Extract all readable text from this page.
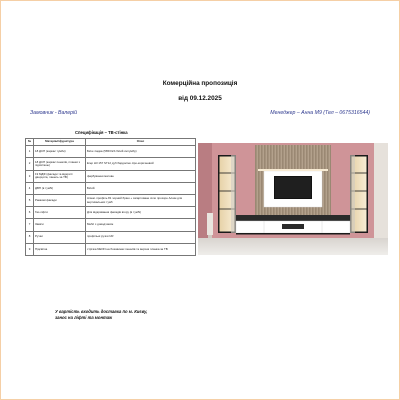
Комерційна пропозиція
від 09.12.2025
Замовник - Валерій	Менеджер – Анна М9 (Тел – 0675316544)
Специфікація – ТВ-стінка
№	Матеріал/фурнітура	Опис
1	18 ДСП (каркас тумби)	Біла гладка (5653 ЕS білий снігумбр)
2	18 ДСП (каркас пеналів, планки з підсвіткою)	Егер Н3 157 ST12 дуб бардоліно сіро-коричневий
3	19 МДФ (фасади та відкриті дверцята, панель за ТВ)	фарбування матове
4	ДВП (в тумбі)	Білий
5	Рамкові фасади	Алюм. профіль 81 чорний браш + загартоване скло прозоре Алюм для вертикальних тумб
6	Газ-ліфти	Для відкривання фасадів вгору (в тумбі)
7	Завіси	Мебл з доводчиком
8	Ручки	профільні ручки UR
9	Підсвітка	стрічка NEON на боковинах пеналів та верхня планка за ТВ
У вартість входить доставка по м. Києву,
занос на ліфті та монтаж
